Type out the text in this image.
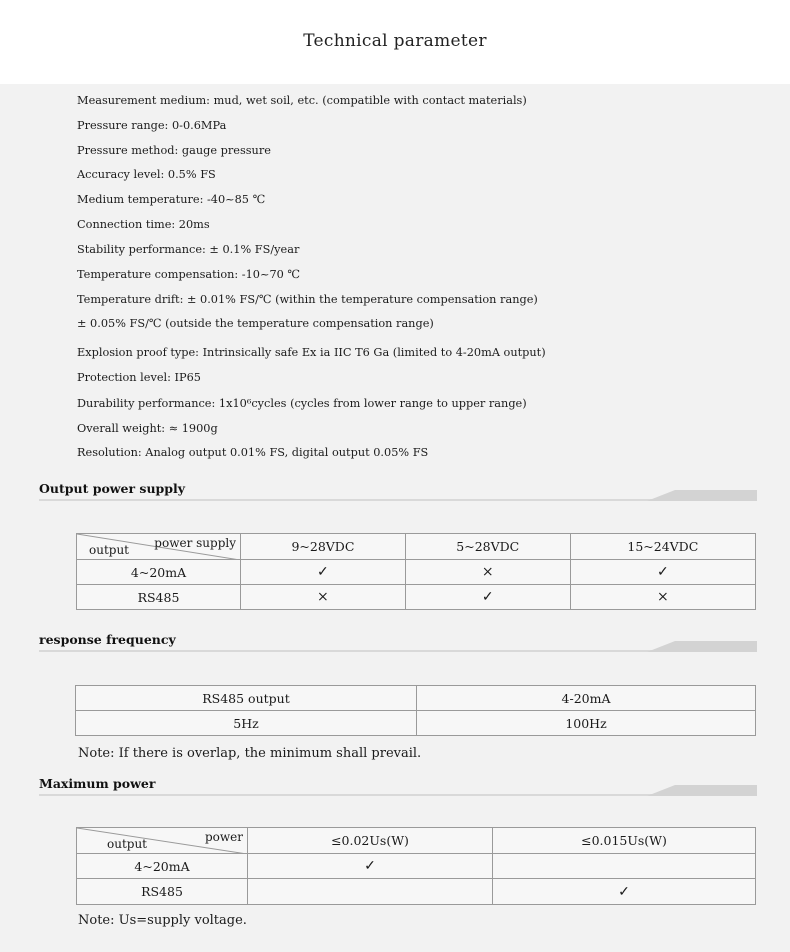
Technical parameter
Measurement medium: mud, wet soil, etc. (compatible with contact materials)
Pressure range: 0-0.6MPa
Pressure method: gauge pressure
Accuracy level: 0.5% FS
Medium temperature: -40~85 ℃
Connection time: 20ms
Stability performance: ± 0.1% FS/year
Temperature compensation: -10~70 ℃
Temperature drift: ± 0.01% FS/℃ (within the temperature compensation range)
± 0.05% FS/℃ (outside the temperature compensation range)
Explosion proof type: Intrinsically safe Ex ia IIC T6 Ga (limited to 4-20mA output)
Protection level: IP65
Durability performance: 1x10⁶cycles (cycles from lower range to upper range)
Overall weight: ≈ 1900g
Resolution: Analog output 0.01% FS, digital output 0.05% FS
Output power supply
power supply
output	9~28VDC	5~28VDC	15~24VDC
4~20mA	✓	×	✓
RS485	×	✓	×
response frequency
RS485 output	4-20mA
5Hz	100Hz
Note: If there is overlap, the minimum shall prevail.
Maximum power
power
output	≤0.02Us(W)	≤0.015Us(W)
4~20mA	✓	
RS485		✓
Note: Us=supply voltage.
